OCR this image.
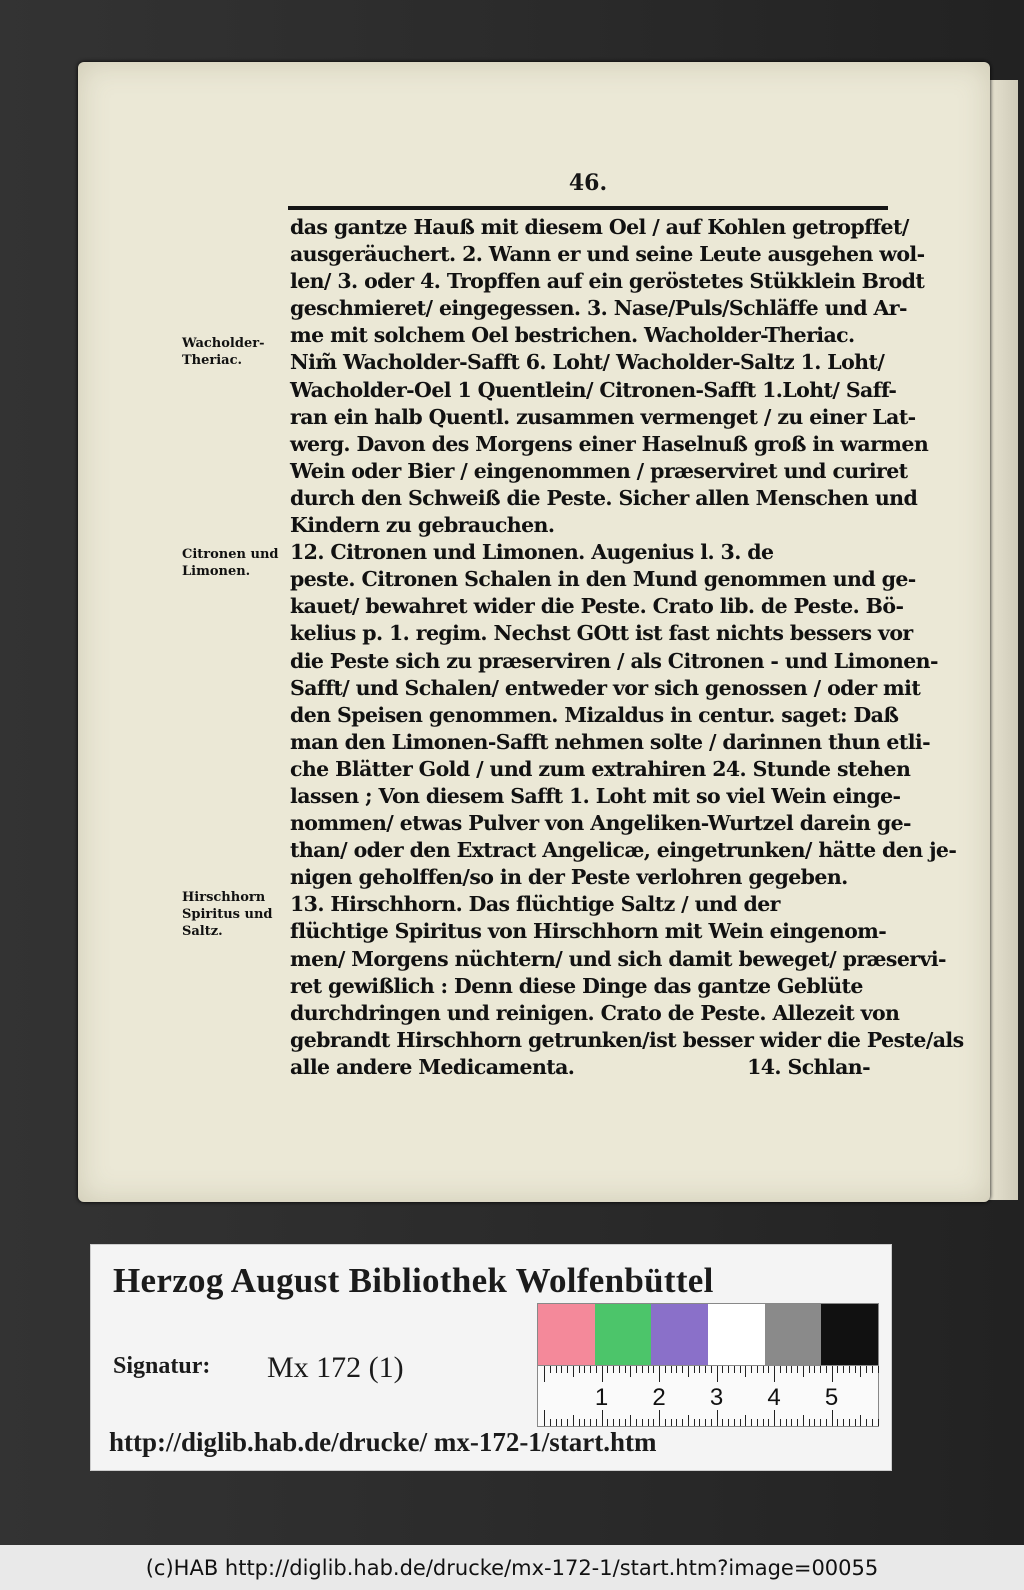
46.
das gantze Hauß mit diesem Oel / auf Kohlen getropffet/
ausgeräuchert. 2. Wann er und seine Leute ausgehen wol-
len/ 3. oder 4. Tropffen auf ein geröstetes Stükklein Brodt
geschmieret/ eingegessen. 3. Nase/Puls/Schläffe und Ar-
me mit solchem Oel bestrichen. Wacholder-Theriac.
Nim̃ Wacholder-Safft 6. Loht/ Wacholder-Saltz 1. Loht/
Wacholder-Oel 1 Quentlein/ Citronen-Safft 1.Loht/ Saff-
ran ein halb Quentl. zusammen vermenget / zu einer Lat-
werg. Davon des Morgens einer Haselnuß groß in warmen
Wein oder Bier / eingenommen / præserviret und curiret
durch den Schweiß die Peste. Sicher allen Menschen und
Kindern zu gebrauchen.
12. Citronen und Limonen. Augenius l. 3. de
peste. Citronen Schalen in den Mund genommen und ge-
kauet/ bewahret wider die Peste. Crato lib. de Peste. Bö-
kelius p. 1. regim. Nechst GOtt ist fast nichts bessers vor
die Peste sich zu præserviren / als Citronen - und Limonen-
Safft/ und Schalen/ entweder vor sich genossen / oder mit
den Speisen genommen. Mizaldus in centur. saget: Daß
man den Limonen-Safft nehmen solte / darinnen thun etli-
che Blätter Gold / und zum extrahiren 24. Stunde stehen
lassen ; Von diesem Safft 1. Loht mit so viel Wein einge-
nommen/ etwas Pulver von Angeliken-Wurtzel darein ge-
than/ oder den Extract Angelicæ, eingetrunken/ hätte den je-
nigen geholffen/so in der Peste verlohren gegeben.
13. Hirschhorn. Das flüchtige Saltz / und der
flüchtige Spiritus von Hirschhorn mit Wein eingenom-
men/ Morgens nüchtern/ und sich damit beweget/ præservi-
ret gewißlich : Denn diese Dinge das gantze Geblüte
durchdringen und reinigen. Crato de Peste. Allezeit von
gebrandt Hirschhorn getrunken/ist besser wider die Peste/als
alle andere Medicamenta.	14. Schlan-
Wacholder-
Theriac.
Citronen und
Limonen.
Hirschhorn
Spiritus und
Saltz.
Herzog August Bibliothek Wolfenbüttel
Signatur: Mx 172 (1)
1 2 3 4 5
http://diglib.hab.de/drucke/ mx-172-1/start.htm
(c)HAB http://diglib.hab.de/drucke/mx-172-1/start.htm?image=00055
